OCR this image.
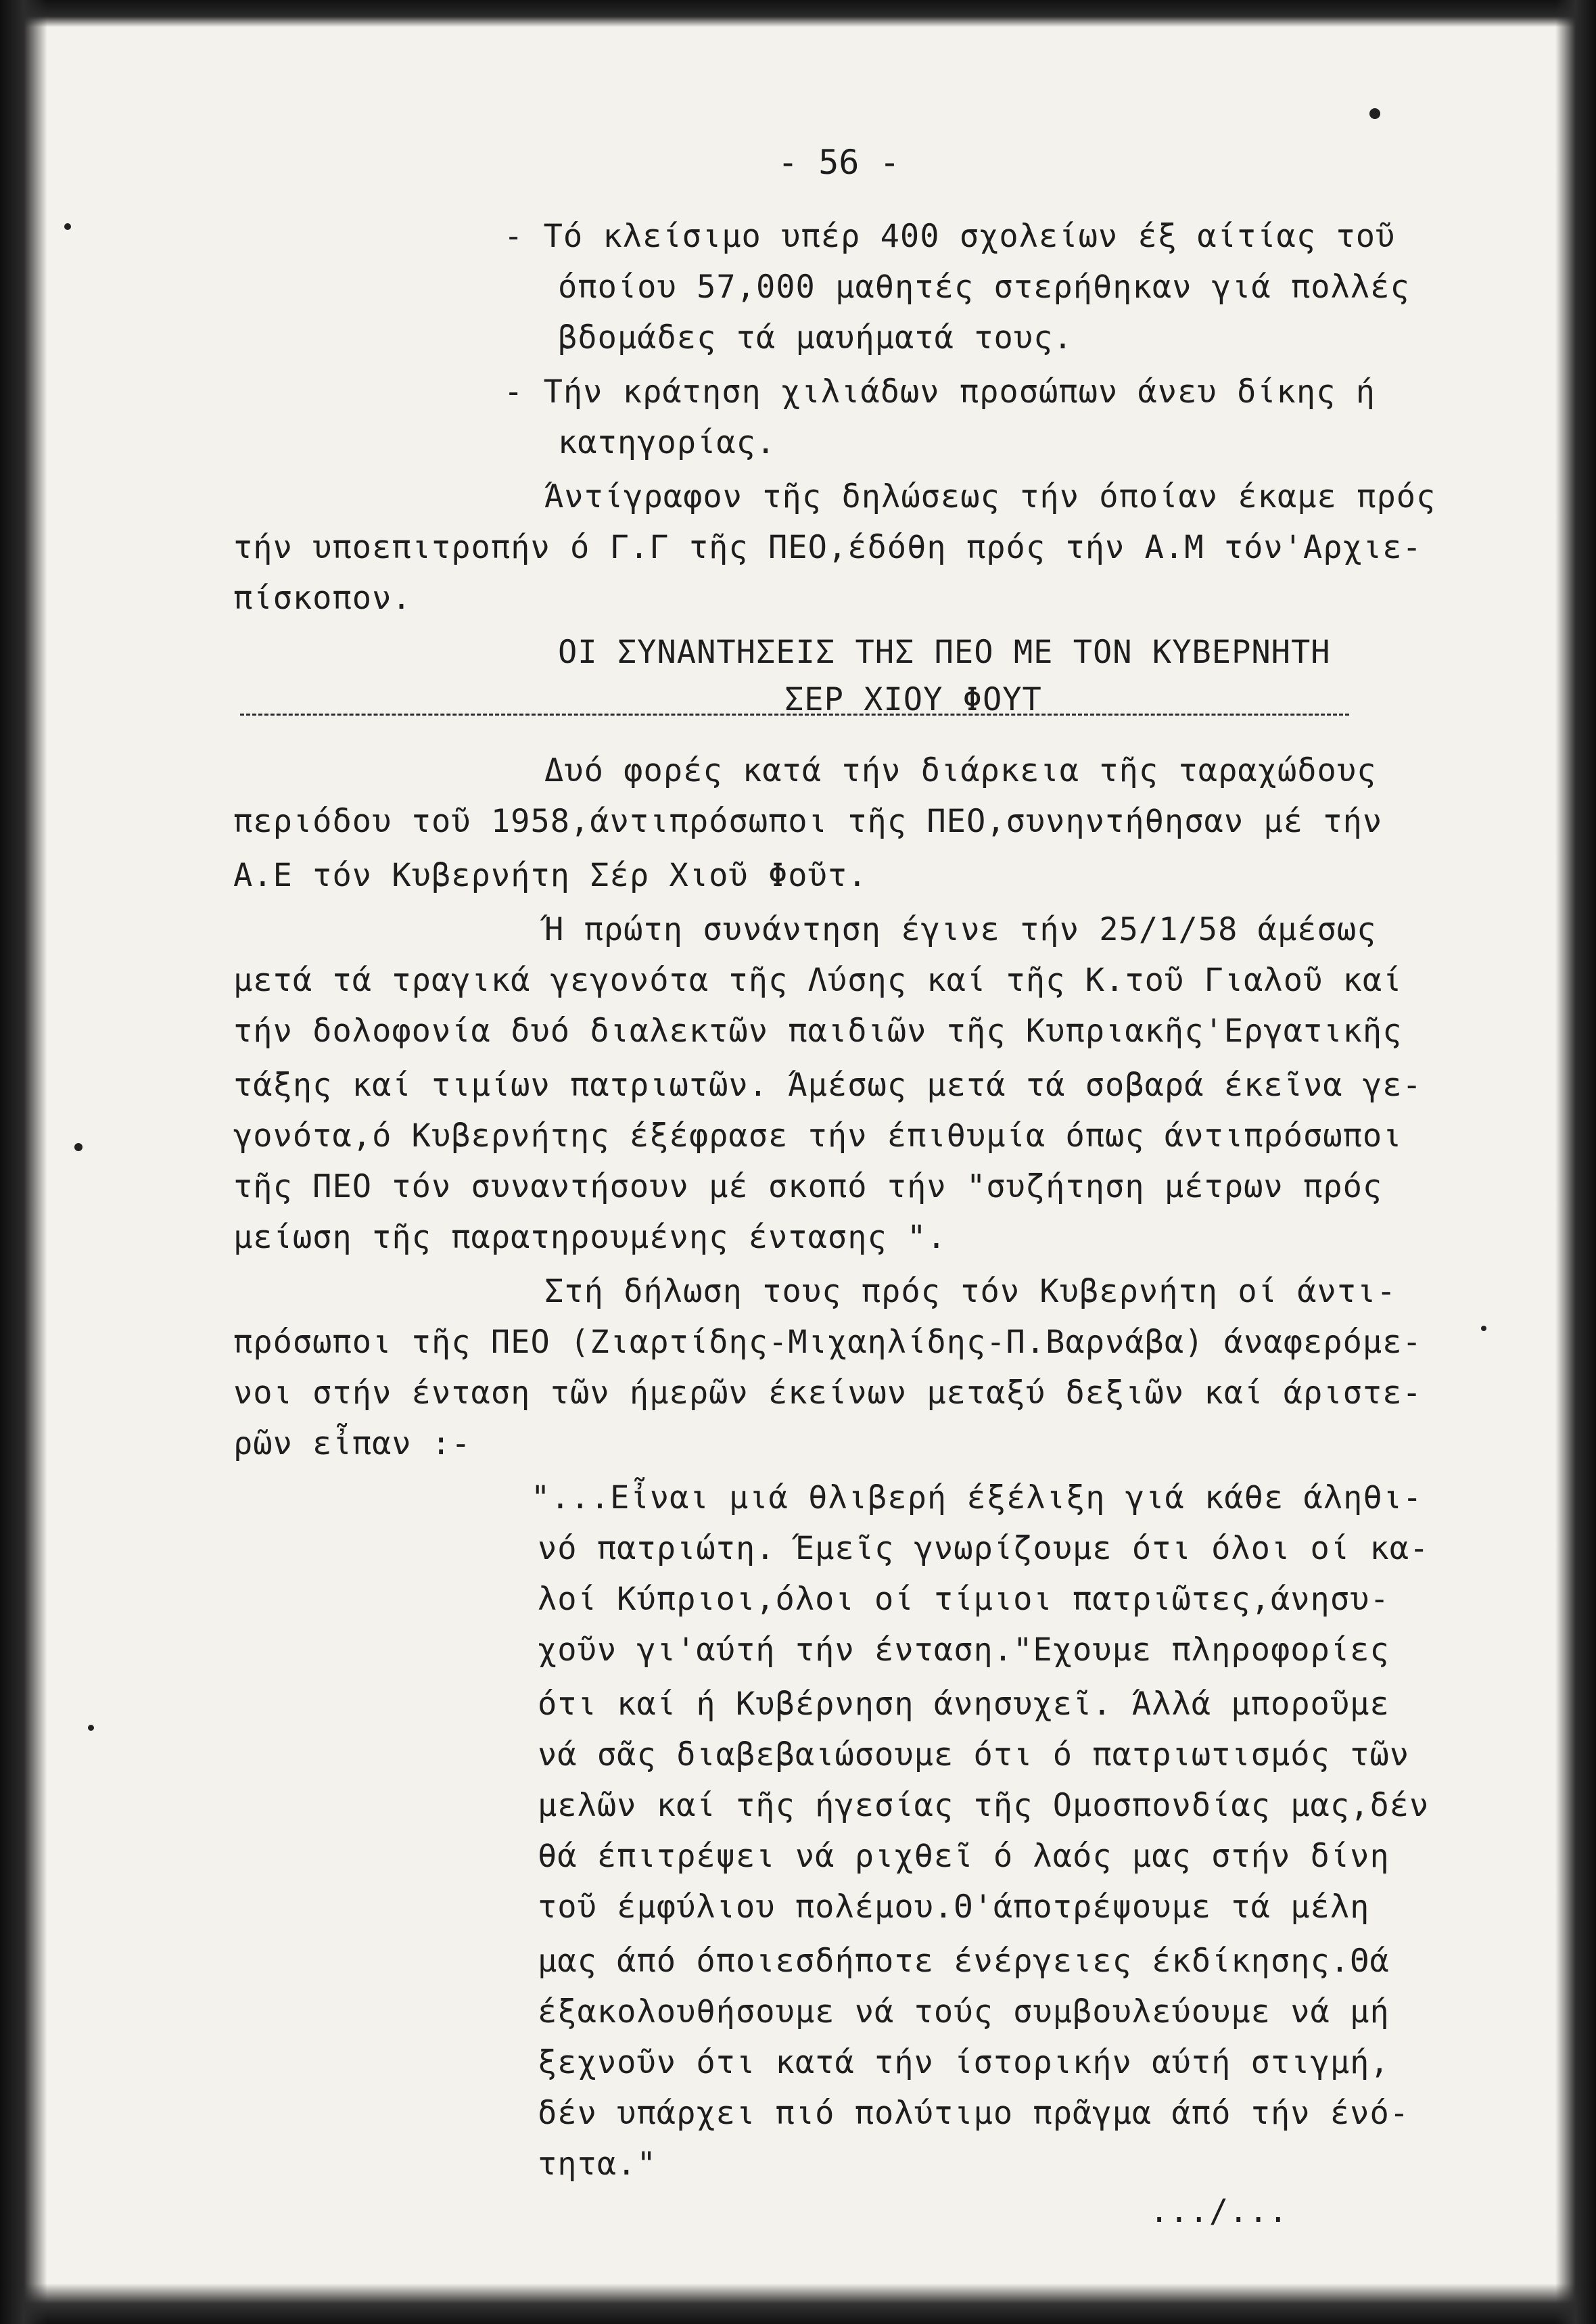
- 56 -
- Τό κλείσιμο υπέρ 400 σχολείων έξ αίτίας τοῦ
όποίου 57,000 μαθητές στερήθηκαν γιά πολλές
βδομάδες τά μαυήματά τους.
- Τήν κράτηση χιλιάδων προσώπων άνευ δίκης ή
κατηγορίας.
Άντίγραφον τῆς δηλώσεως τήν όποίαν έκαμε πρός
τήν υποεπιτροπήν ό Γ.Γ τῆς ΠΕΟ,έδόθη πρός τήν Α.Μ τόν'Αρχιε-
πίσκοπον.
ΟΙ ΣΥΝΑΝΤΗΣΕΙΣ ΤΗΣ ΠΕΟ ΜΕ ΤΟΝ ΚΥΒΕΡΝΗΤΗ
ΣΕΡ ΧΙΟΥ ΦΟΥΤ
Δυό φορές κατά τήν διάρκεια τῆς ταραχώδους
περιόδου τοῦ 1958,άντιπρόσωποι τῆς ΠΕΟ,συνηντήθησαν μέ τήν
Α.Ε τόν Κυβερνήτη Σέρ Χιοῦ Φοῦτ.
Ή πρώτη συνάντηση έγινε τήν 25/1/58 άμέσως
μετά τά τραγικά γεγονότα τῆς Λύσης καί τῆς Κ.τοῦ Γιαλοῦ καί
τήν δολοφονία δυό διαλεκτῶν παιδιῶν τῆς Κυπριακῆς'Εργατικῆς
τάξης καί τιμίων πατριωτῶν. Άμέσως μετά τά σοβαρά έκεῖνα γε-
γονότα,ό Κυβερνήτης έξέφρασε τήν έπιθυμία όπως άντιπρόσωποι
τῆς ΠΕΟ τόν συναντήσουν μέ σκοπό τήν "συζήτηση μέτρων πρός
μείωση τῆς παρατηρουμένης έντασης ".
Στή δήλωση τους πρός τόν Κυβερνήτη οί άντι-
πρόσωποι τῆς ΠΕΟ (Ζιαρτίδης-Μιχαηλίδης-Π.Βαρνάβα) άναφερόμε-
νοι στήν ένταση τῶν ήμερῶν έκείνων μεταξύ δεξιῶν καί άριστε-
ρῶν εἶπαν :-
"...Εἶναι μιά θλιβερή έξέλιξη γιά κάθε άληθι-
νό πατριώτη. Έμεῖς γνωρίζουμε ότι όλοι οί κα-
λοί Κύπριοι,όλοι οί τίμιοι πατριῶτες,άνησυ-
χοῦν γι'αύτή τήν ένταση."Εχουμε πληροφορίες
ότι καί ή Κυβέρνηση άνησυχεῖ. Άλλά μποροῦμε
νά σᾶς διαβεβαιώσουμε ότι ό πατριωτισμός τῶν
μελῶν καί τῆς ήγεσίας τῆς Ομοσπονδίας μας,δέν
θά έπιτρέψει νά ριχθεῖ ό λαός μας στήν δίνη
τοῦ έμφύλιου πολέμου.Θ'άποτρέψουμε τά μέλη
μας άπό όποιεσδήποτε ένέργειες έκδίκησης.Θά
έξακολουθήσουμε νά τούς συμβουλεύουμε νά μή
ξεχνοῦν ότι κατά τήν ίστορικήν αύτή στιγμή,
δέν υπάρχει πιό πολύτιμο πρᾶγμα άπό τήν ένό-
τητα."
.../...
